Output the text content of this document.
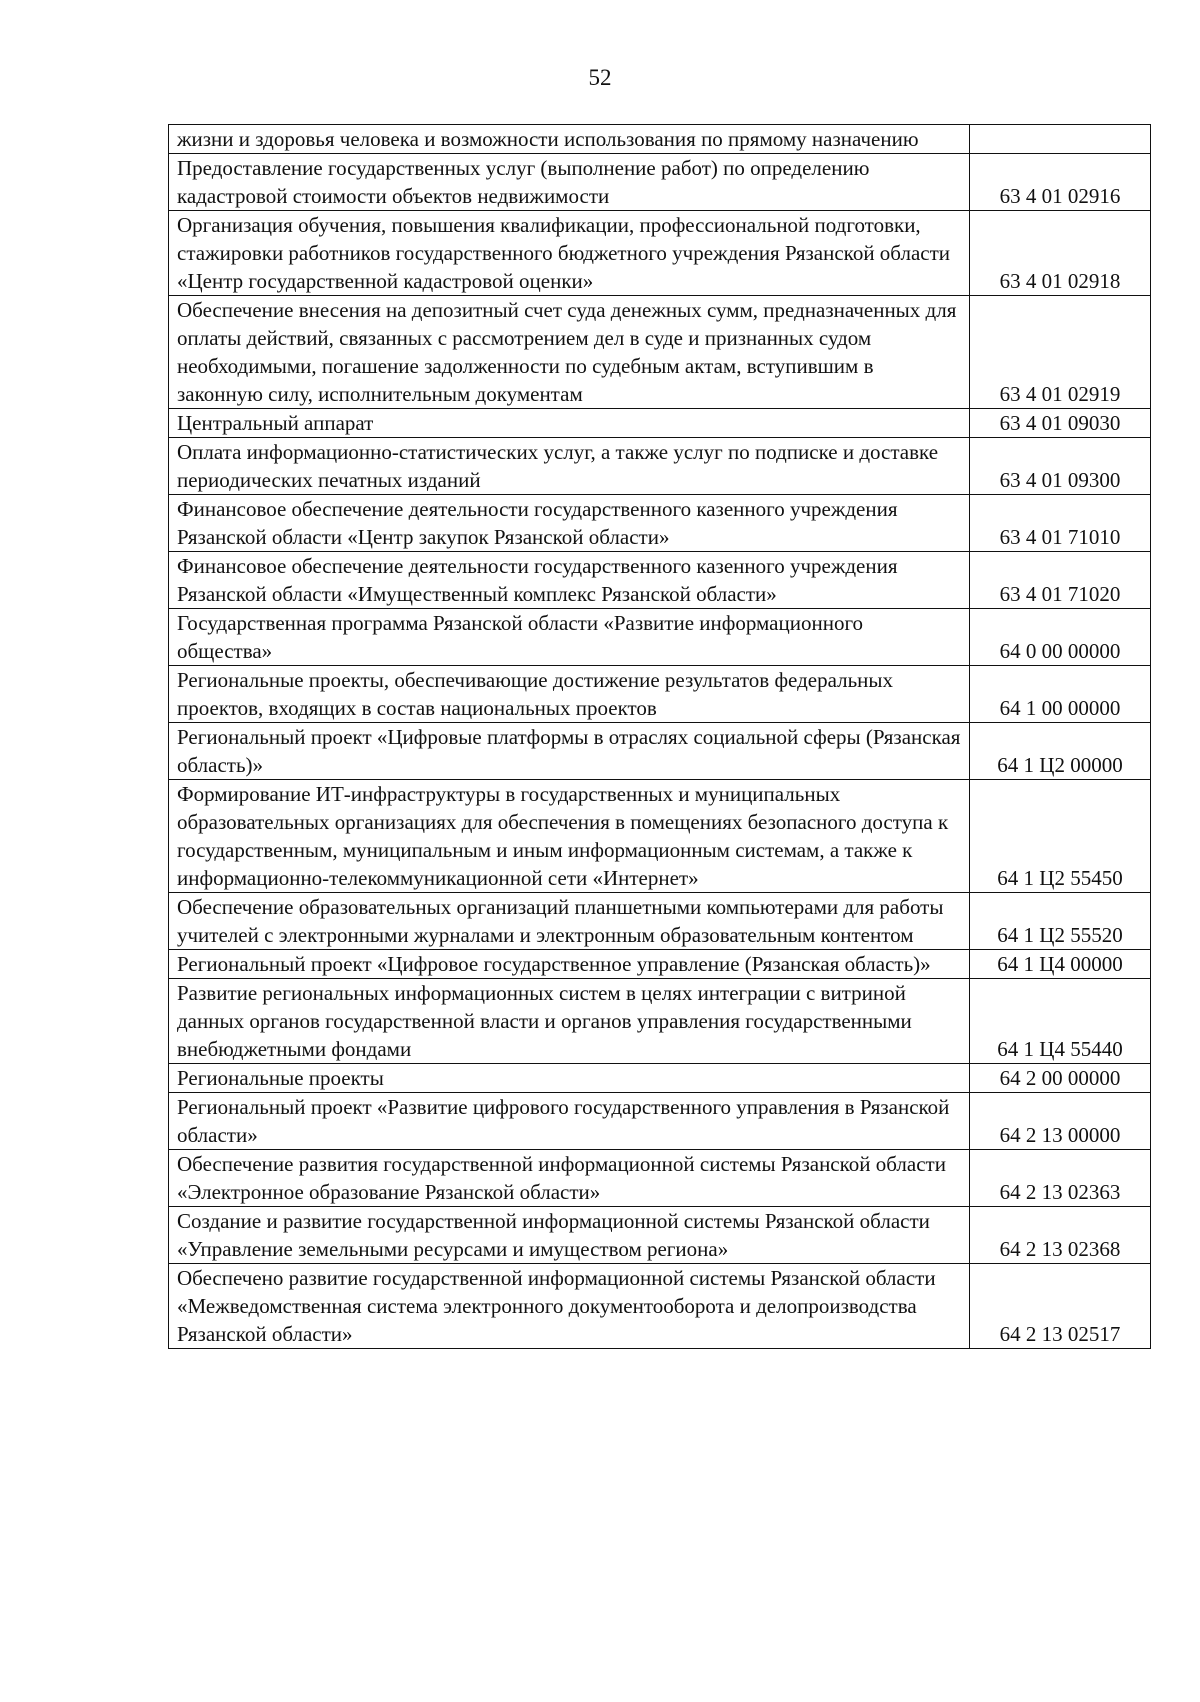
52
жизни и здоровья человека и возможности использования по прямому назначению	
Предоставление государственных услуг (выполнение работ) по определению кадастровой стоимости объектов недвижимости	63 4 01 02916
Организация обучения, повышения квалификации, профессиональной подготовки, стажировки работников государственного бюджетного учреждения Рязанской области «Центр государственной кадастровой оценки»	63 4 01 02918
Обеспечение внесения на депозитный счет суда денежных сумм, предназначенных для оплаты действий, связанных с рассмотрением дел в суде и признанных судом необходимыми, погашение задолженности по судебным актам, вступившим в законную силу, исполнительным документам	63 4 01 02919
Центральный аппарат	63 4 01 09030
Оплата информационно-статистических услуг, а также услуг по подписке и доставке периодических печатных изданий	63 4 01 09300
Финансовое обеспечение деятельности государственного казенного учреждения Рязанской области «Центр закупок Рязанской области»	63 4 01 71010
Финансовое обеспечение деятельности государственного казенного учреждения Рязанской области «Имущественный комплекс Рязанской области»	63 4 01 71020
Государственная программа Рязанской области «Развитие информационного общества»	64 0 00 00000
Региональные проекты, обеспечивающие достижение результатов федеральных проектов, входящих в состав национальных проектов	64 1 00 00000
Региональный проект «Цифровые платформы в отраслях социальной сферы (Рязанская область)»	64 1 Ц2 00000
Формирование ИТ-инфраструктуры в государственных и муниципальных образовательных организациях для обеспечения в помещениях безопасного доступа к государственным, муниципальным и иным информационным системам, а также к информационно-телекоммуникационной сети «Интернет»	64 1 Ц2 55450
Обеспечение образовательных организаций планшетными компьютерами для работы учителей с электронными журналами и электронным образовательным контентом	64 1 Ц2 55520
Региональный проект «Цифровое государственное управление (Рязанская область)»	64 1 Ц4 00000
Развитие региональных информационных систем в целях интеграции с витриной данных органов государственной власти и органов управления государственными внебюджетными фондами	64 1 Ц4 55440
Региональные проекты	64 2 00 00000
Региональный проект «Развитие цифрового государственного управления в Рязанской области»	64 2 13 00000
Обеспечение развития государственной информационной системы Рязанской области «Электронное образование Рязанской области»	64 2 13 02363
Создание и развитие государственной информационной системы Рязанской области «Управление земельными ресурсами и имуществом региона»	64 2 13 02368
Обеспечено развитие государственной информационной системы Рязанской области «Межведомственная система электронного документооборота и делопроизводства Рязанской области»	64 2 13 02517
